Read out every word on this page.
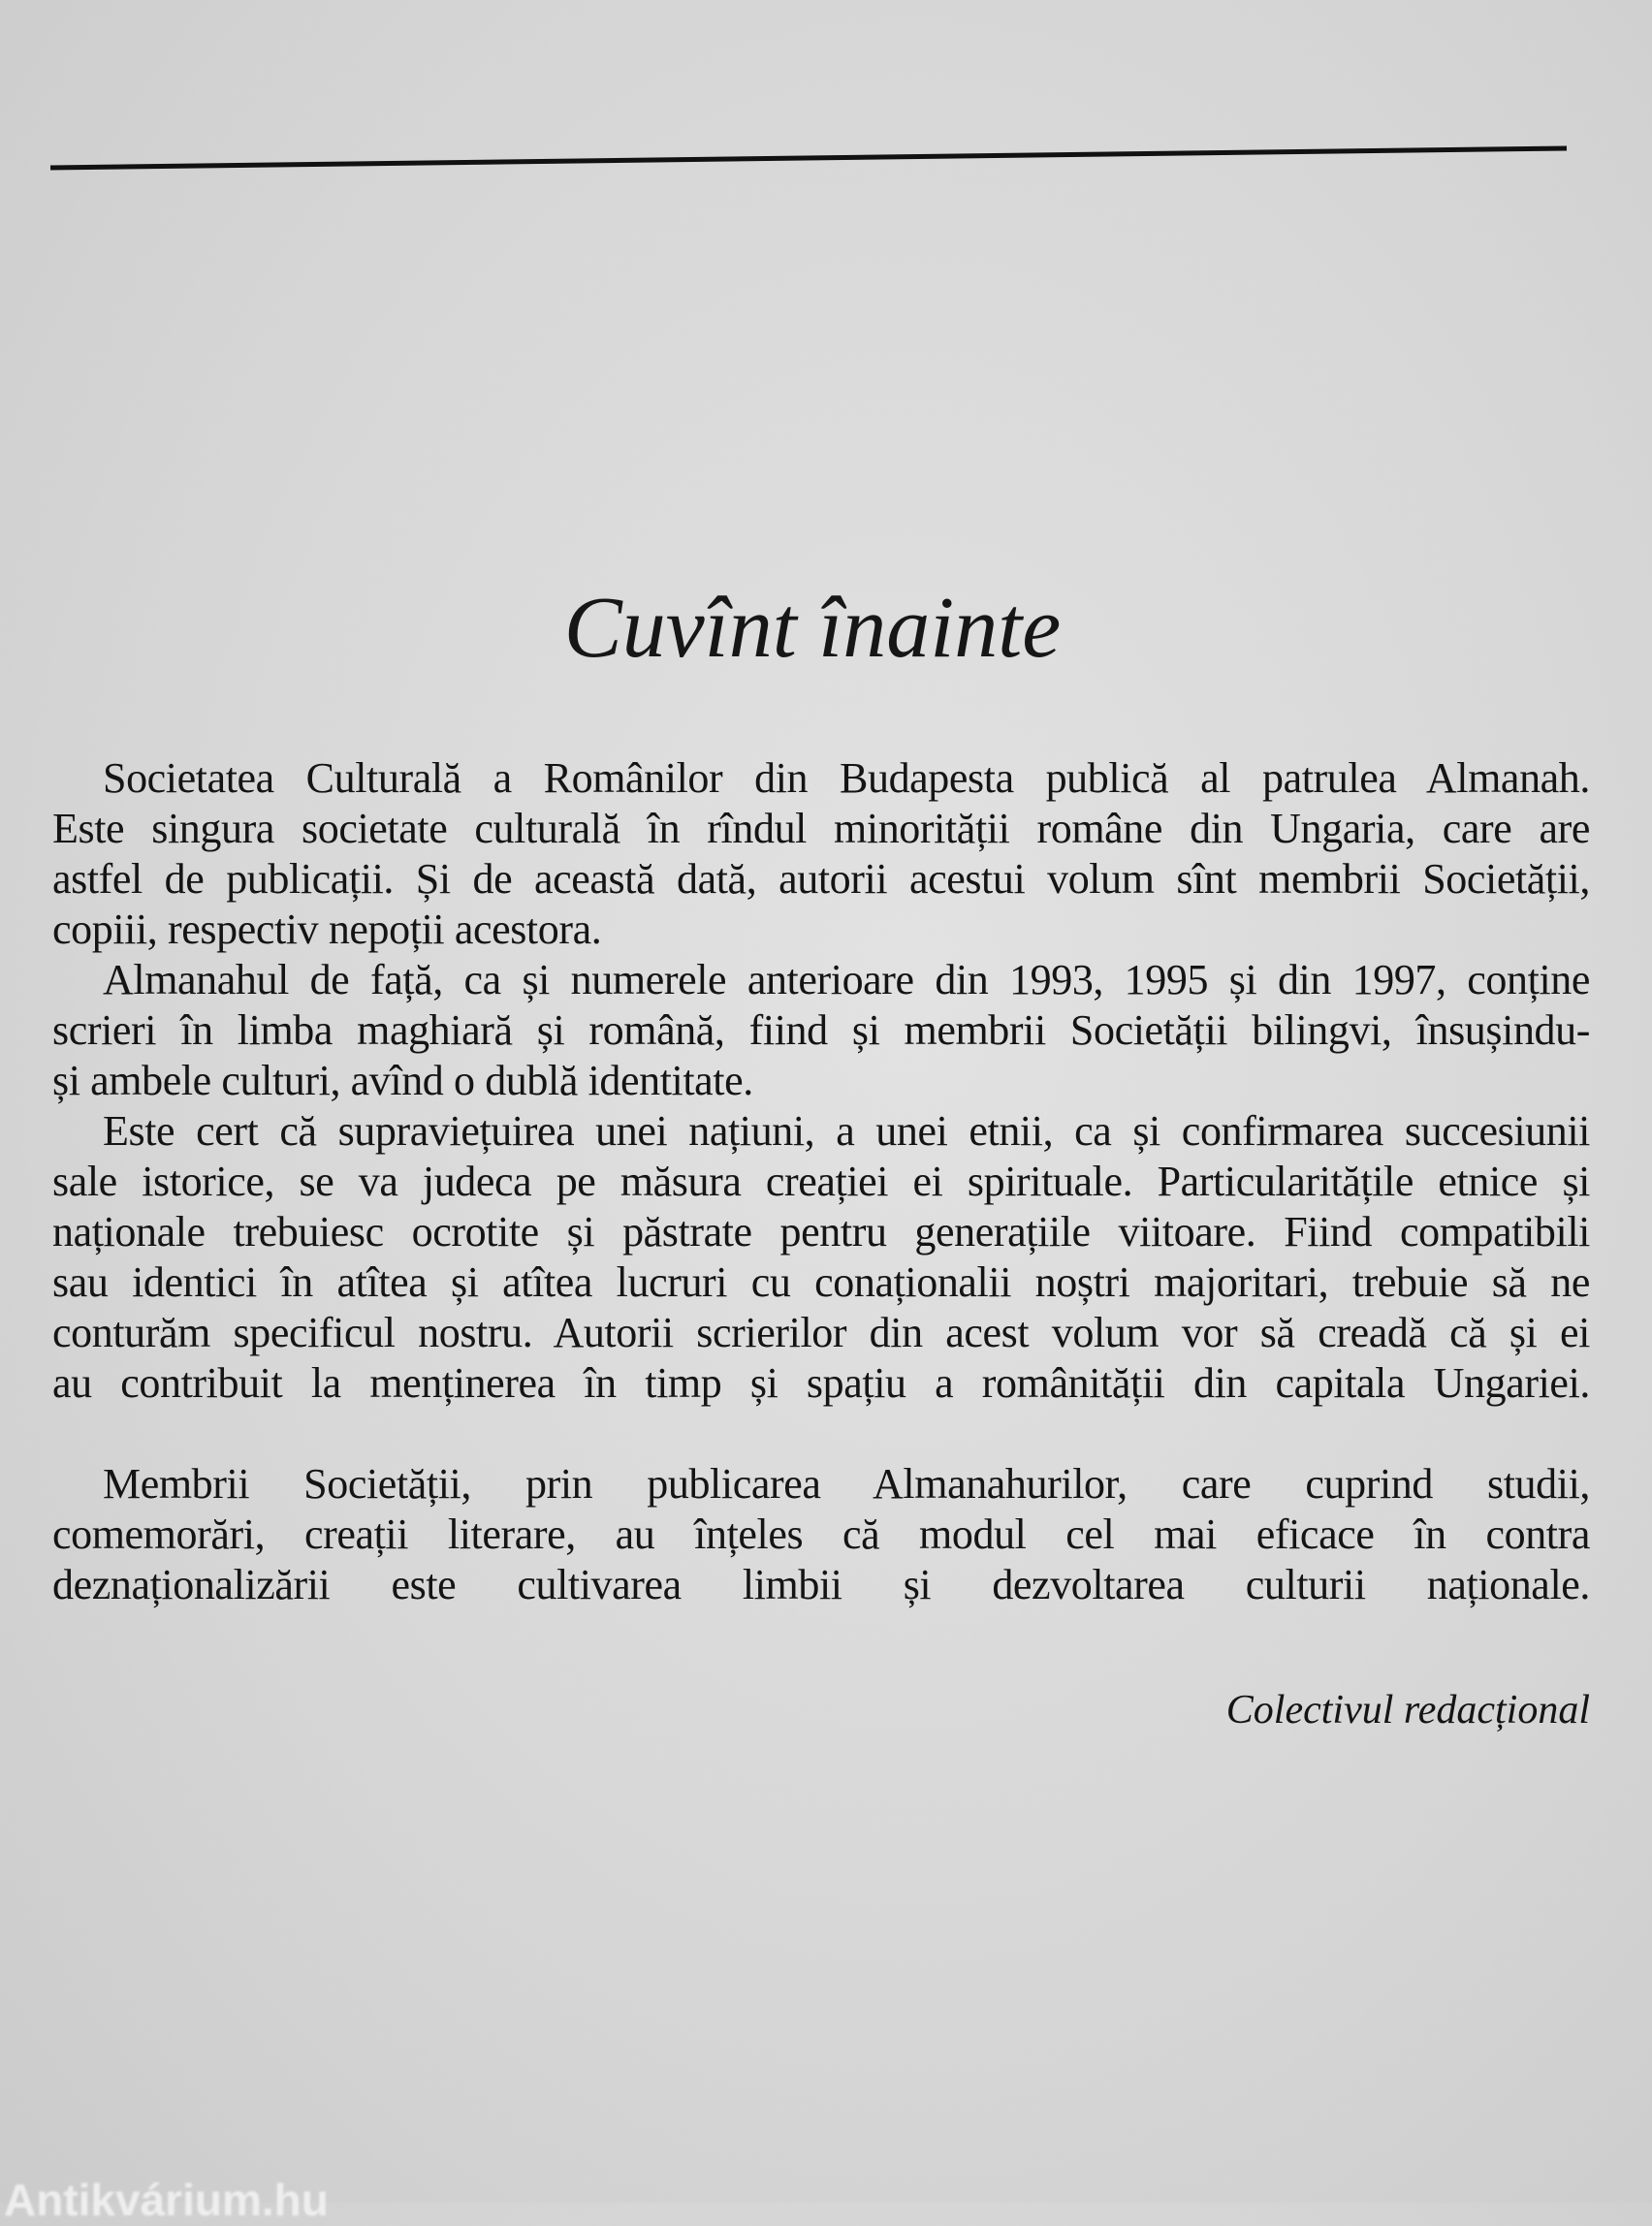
Cuvînt înainte
Societatea Culturală a Românilor din Budapesta publică al patrulea Almanah.
Este singura societate culturală în rîndul minorității române din Ungaria, care are
astfel de publicații. Și de această dată, autorii acestui volum sînt membrii Societății,
copiii, respectiv nepoții acestora.
Almanahul de față, ca și numerele anterioare din 1993, 1995 și din 1997, conține
scrieri în limba maghiară și română, fiind și membrii Societății bilingvi, însușindu-
și ambele culturi, avînd o dublă identitate.
Este cert că supraviețuirea unei națiuni, a unei etnii, ca și confirmarea succesiunii
sale istorice, se va judeca pe măsura creației ei spirituale. Particularitățile etnice și
naționale trebuiesc ocrotite și păstrate pentru generațiile viitoare. Fiind compatibili
sau identici în atîtea și atîtea lucruri cu conaționalii noștri majoritari, trebuie să ne
conturăm specificul nostru. Autorii scrierilor din acest volum vor să creadă că și ei
au contribuit la menținerea în timp și spațiu a românității din capitala Ungariei.
Membrii Societății, prin publicarea Almanahurilor, care cuprind studii,
comemorări, creații literare, au înțeles că modul cel mai eficace în contra
deznaționalizării este cultivarea limbii și dezvoltarea culturii naționale.
Colectivul redacțional
Antikvárium.hu
